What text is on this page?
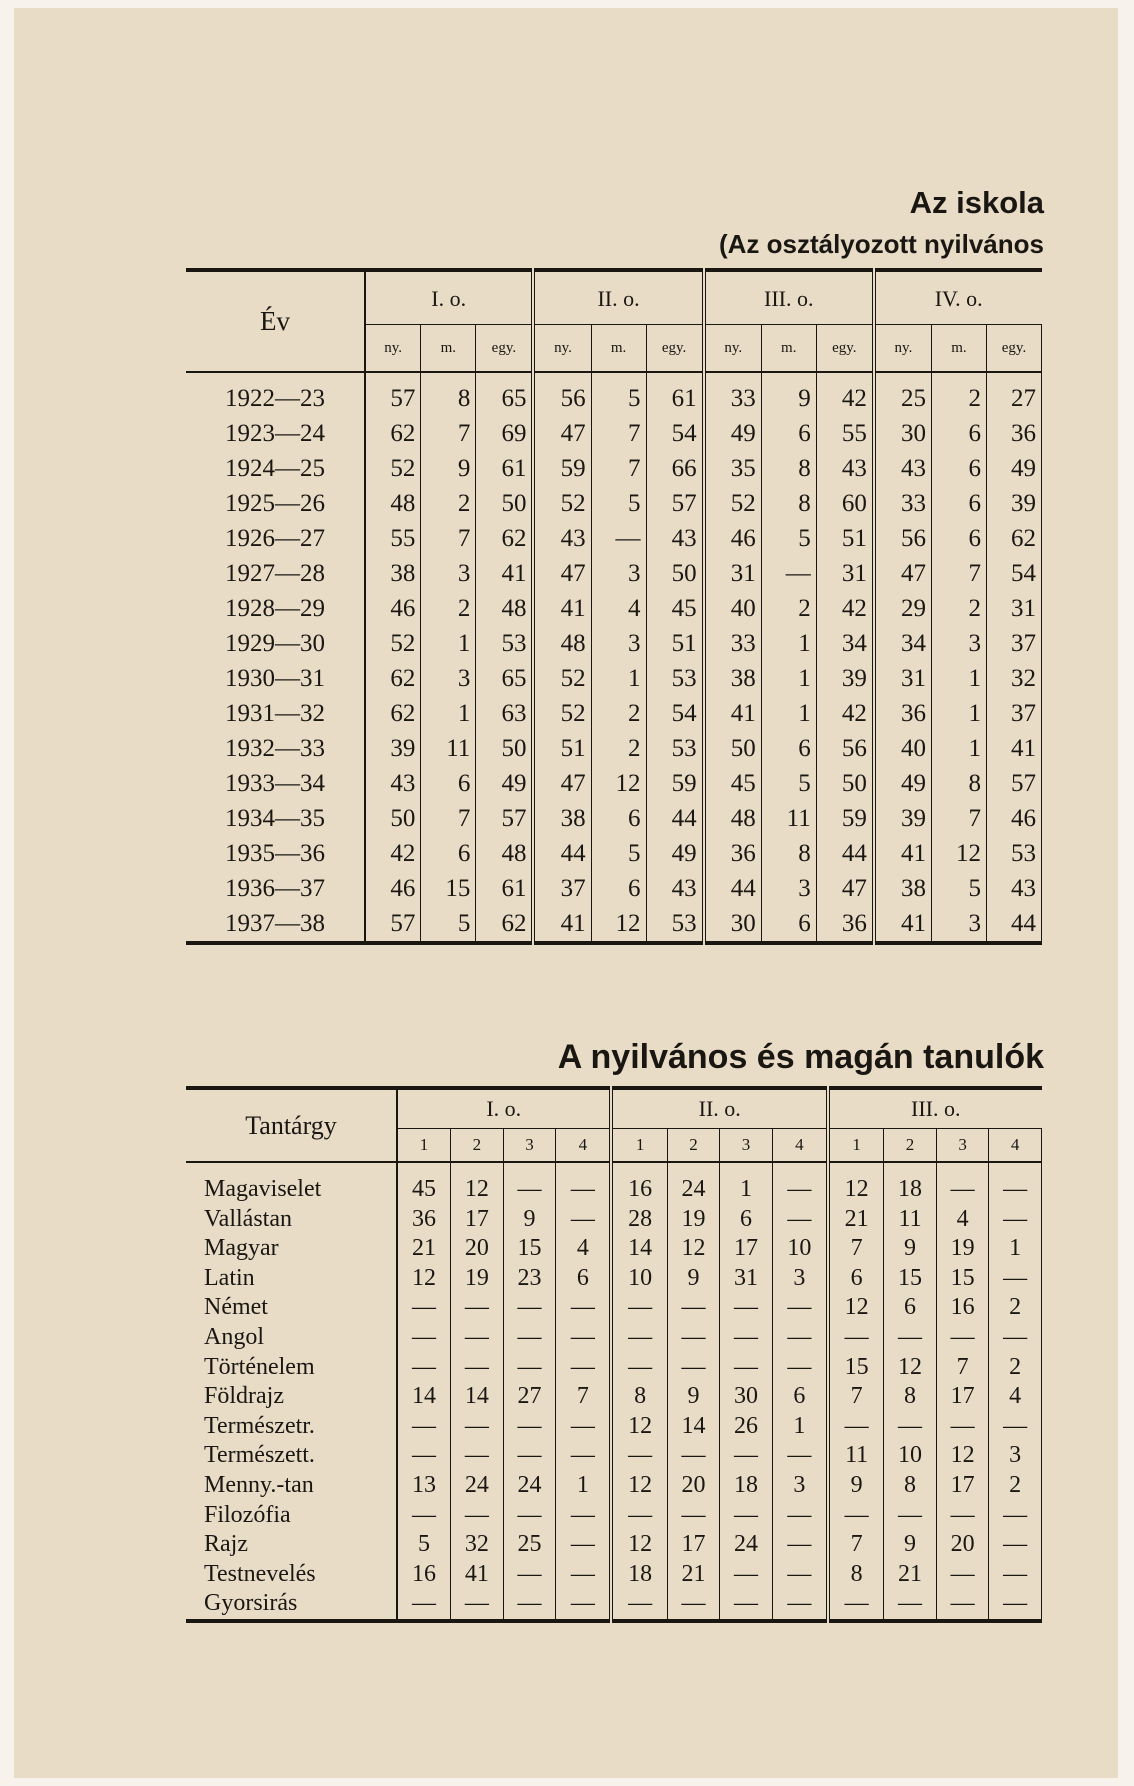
Az iskola
(Az osztályozott nyilvános
Év	I. o.			II. o.			III. o.			IV. o.		
	ny.	m.	egy.	ny.	m.	egy.	ny.	m.	egy.	ny.	m.	egy.
1922—23	57	8	65	56	5	61	33	9	42	25	2	27
1923—24	62	7	69	47	7	54	49	6	55	30	6	36
1924—25	52	9	61	59	7	66	35	8	43	43	6	49
1925—26	48	2	50	52	5	57	52	8	60	33	6	39
1926—27	55	7	62	43	—	43	46	5	51	56	6	62
1927—28	38	3	41	47	3	50	31	—	31	47	7	54
1928—29	46	2	48	41	4	45	40	2	42	29	2	31
1929—30	52	1	53	48	3	51	33	1	34	34	3	37
1930—31	62	3	65	52	1	53	38	1	39	31	1	32
1931—32	62	1	63	52	2	54	41	1	42	36	1	37
1932—33	39	11	50	51	2	53	50	6	56	40	1	41
1933—34	43	6	49	47	12	59	45	5	50	49	8	57
1934—35	50	7	57	38	6	44	48	11	59	39	7	46
1935—36	42	6	48	44	5	49	36	8	44	41	12	53
1936—37	46	15	61	37	6	43	44	3	47	38	5	43
1937—38	57	5	62	41	12	53	30	6	36	41	3	44
A nyilvános és magán tanulók
Tantárgy	I. o.				II. o.				III. o.			
	1	2	3	4	1	2	3	4	1	2	3	4
Magaviselet	45	12	—	—	16	24	1	—	12	18	—	—
Vallástan	36	17	9	—	28	19	6	—	21	11	4	—
Magyar	21	20	15	4	14	12	17	10	7	9	19	1
Latin	12	19	23	6	10	9	31	3	6	15	15	—
Német	—	—	—	—	—	—	—	—	12	6	16	2
Angol	—	—	—	—	—	—	—	—	—	—	—	—
Történelem	—	—	—	—	—	—	—	—	15	12	7	2
Földrajz	14	14	27	7	8	9	30	6	7	8	17	4
Természetr.	—	—	—	—	12	14	26	1	—	—	—	—
Természett.	—	—	—	—	—	—	—	—	11	10	12	3
Menny.-tan	13	24	24	1	12	20	18	3	9	8	17	2
Filozófia	—	—	—	—	—	—	—	—	—	—	—	—
Rajz	5	32	25	—	12	17	24	—	7	9	20	—
Testnevelés	16	41	—	—	18	21	—	—	8	21	—	—
Gyorsirás	—	—	—	—	—	—	—	—	—	—	—	—
